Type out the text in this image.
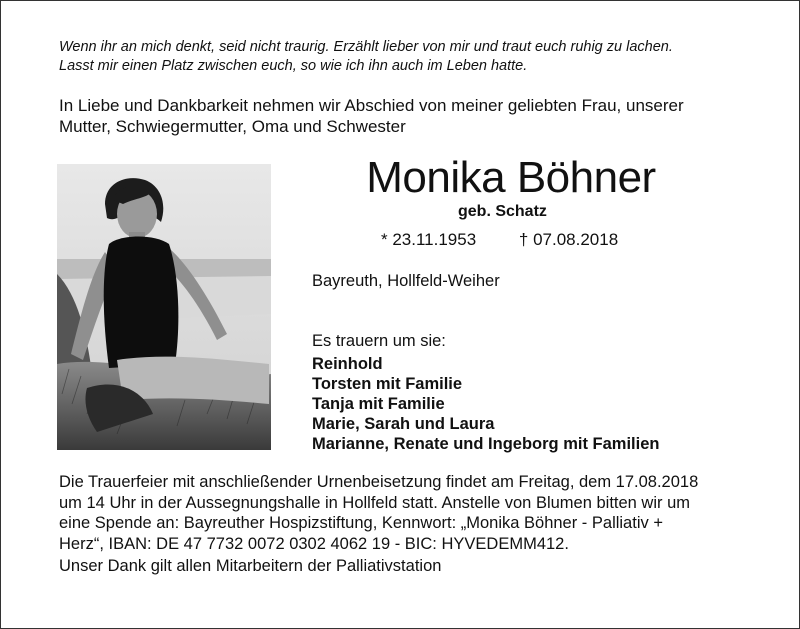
Wenn ihr an mich denkt, seid nicht traurig. Erzählt lieber von mir und traut euch ruhig zu lachen.
Lasst mir einen Platz zwischen euch, so wie ich ihn auch im Leben hatte.
In Liebe und Dankbarkeit nehmen wir Abschied von meiner geliebten Frau, unserer
Mutter, Schwiegermutter, Oma und Schwester
Monika Böhner
geb. Schatz
* 23.11.1953	† 07.08.2018
Bayreuth, Hollfeld-Weiher
Es trauern um sie:
Reinhold
Torsten mit Familie
Tanja mit Familie
Marie, Sarah und Laura
Marianne, Renate und Ingeborg mit Familien

Die Trauerfeier mit anschließender Urnenbeisetzung findet am Freitag, dem 17.08.2018

um 14 Uhr in der Aussegnungshalle in Hollfeld statt. Anstelle von Blumen bitten wir um

eine Spende an: Bayreuther Hospizstiftung, Kennwort: „Monika Böhner - Palliativ +

Herz“, IBAN: DE 47 7732 0072 0302 4062 19 - BIC: HYVEDEMM412.

Unser Dank gilt allen Mitarbeitern der Palliativstation
